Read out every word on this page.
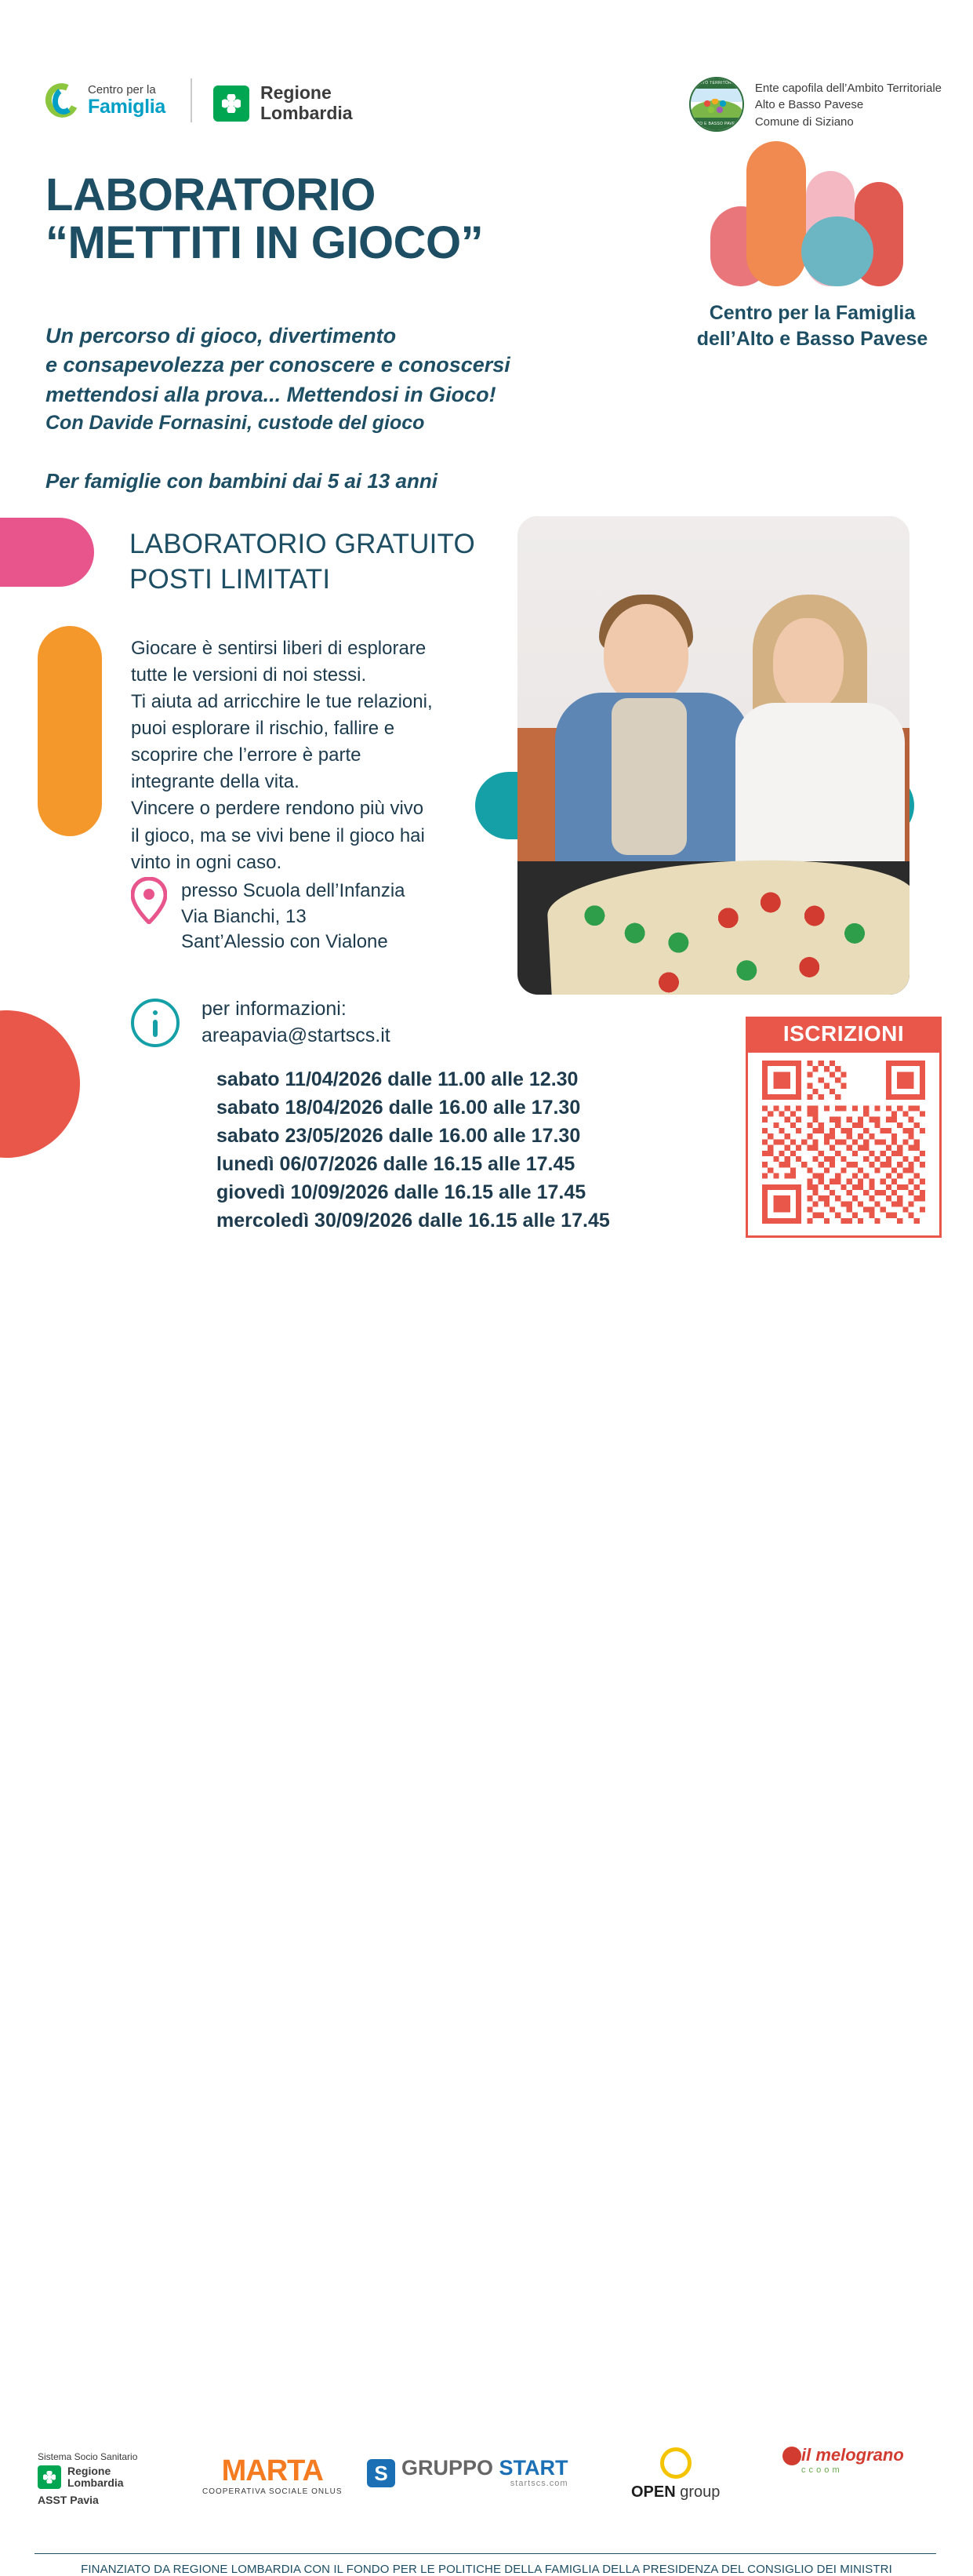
Centro per la
Famiglia
Regione
Lombardia
AMBITO TERRITORIALE
ALTO E BASSO PAVESE
Ente capofila dell’Ambito Territoriale
Alto e Basso Pavese
Comune di Siziano
LABORATORIO
“METTITI IN GIOCO”
Un percorso di gioco, divertimento
e consapevolezza per conoscere e conoscersi
mettendosi alla prova... Mettendosi in Gioco!
Con Davide Fornasini, custode del gioco
Per famiglie con bambini dai 5 ai 13 anni
Centro per la Famiglia
dell’Alto e Basso Pavese
LABORATORIO GRATUITO
POSTI LIMITATI
Giocare è sentirsi liberi di esplorare
tutte le versioni di noi stessi.
Ti aiuta ad arricchire le tue relazioni,
puoi esplorare il rischio, fallire e
scoprire che l’errore è parte
integrante della vita.
Vincere o perdere rendono più vivo
il gioco, ma se vivi bene il gioco hai
vinto in ogni caso.
presso Scuola dell’Infanzia
Via Bianchi, 13
Sant’Alessio con Vialone
per informazioni:
areapavia@startscs.it
sabato 11/04/2026 dalle 11.00 alle 12.30
sabato 18/04/2026 dalle 16.00 alle 17.30
sabato 23/05/2026 dalle 16.00 alle 17.30
lunedì 06/07/2026 dalle 16.15 alle 17.45
giovedì 10/09/2026 dalle 16.15 alle 17.45
mercoledì 30/09/2026 dalle 16.15 alle 17.45
ISCRIZIONI
Sistema Socio Sanitario
Regione
Lombardia
ASST Pavia
MARTA
COOPERATIVA SOCIALE ONLUS
S GRUPPO START
startscs.com	OPEN group
il melograno
c c o o m
FINANZIATO DA REGIONE LOMBARDIA CON IL FONDO PER LE POLITICHE DELLA FAMIGLIA DELLA PRESIDENZA DEL CONSIGLIO DEI MINISTRI
